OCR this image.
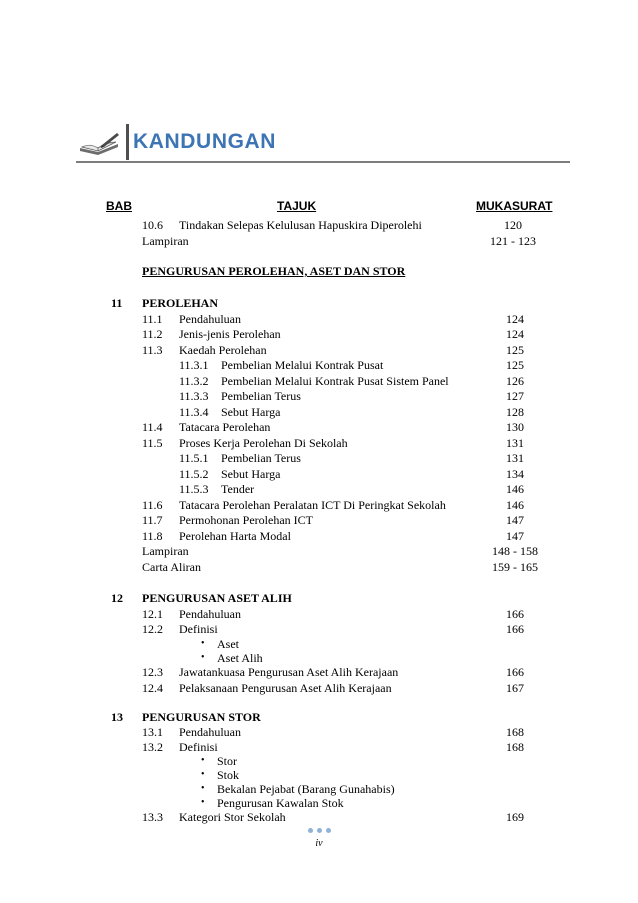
KANDUNGAN
BAB	TAJUK	MUKASURAT
10.6 Tindakan Selepas Kelulusan Hapuskira Diperolehi	120
Lampiran	121 - 123
PENGURUSAN PEROLEHAN, ASET DAN STOR
11 PEROLEHAN
11.1 Pendahuluan	124
11.2 Jenis-jenis Perolehan	124
11.3 Kaedah Perolehan	125
11.3.1 Pembelian Melalui Kontrak Pusat	125
11.3.2 Pembelian Melalui Kontrak Pusat Sistem Panel	126
11.3.3 Pembelian Terus	127
11.3.4 Sebut Harga	128
11.4 Tatacara Perolehan	130
11.5 Proses Kerja Perolehan Di Sekolah	131
11.5.1 Pembelian Terus	131
11.5.2 Sebut Harga	134
11.5.3 Tender	146
11.6 Tatacara Perolehan Peralatan ICT Di Peringkat Sekolah	146
11.7 Permohonan Perolehan ICT	147
11.8 Perolehan Harta Modal	147
Lampiran	148 - 158
Carta Aliran	159 - 165
12 PENGURUSAN ASET ALIH
12.1 Pendahuluan	166
12.2 Definisi	166
• Aset
• Aset Alih
12.3 Jawatankuasa Pengurusan Aset Alih Kerajaan	166
12.4 Pelaksanaan Pengurusan Aset Alih Kerajaan	167
13 PENGURUSAN STOR
13.1 Pendahuluan	168
13.2 Definisi	168
• Stor
• Stok
• Bekalan Pejabat (Barang Gunahabis)
• Pengurusan Kawalan Stok
13.3 Kategori Stor Sekolah	169
iv
